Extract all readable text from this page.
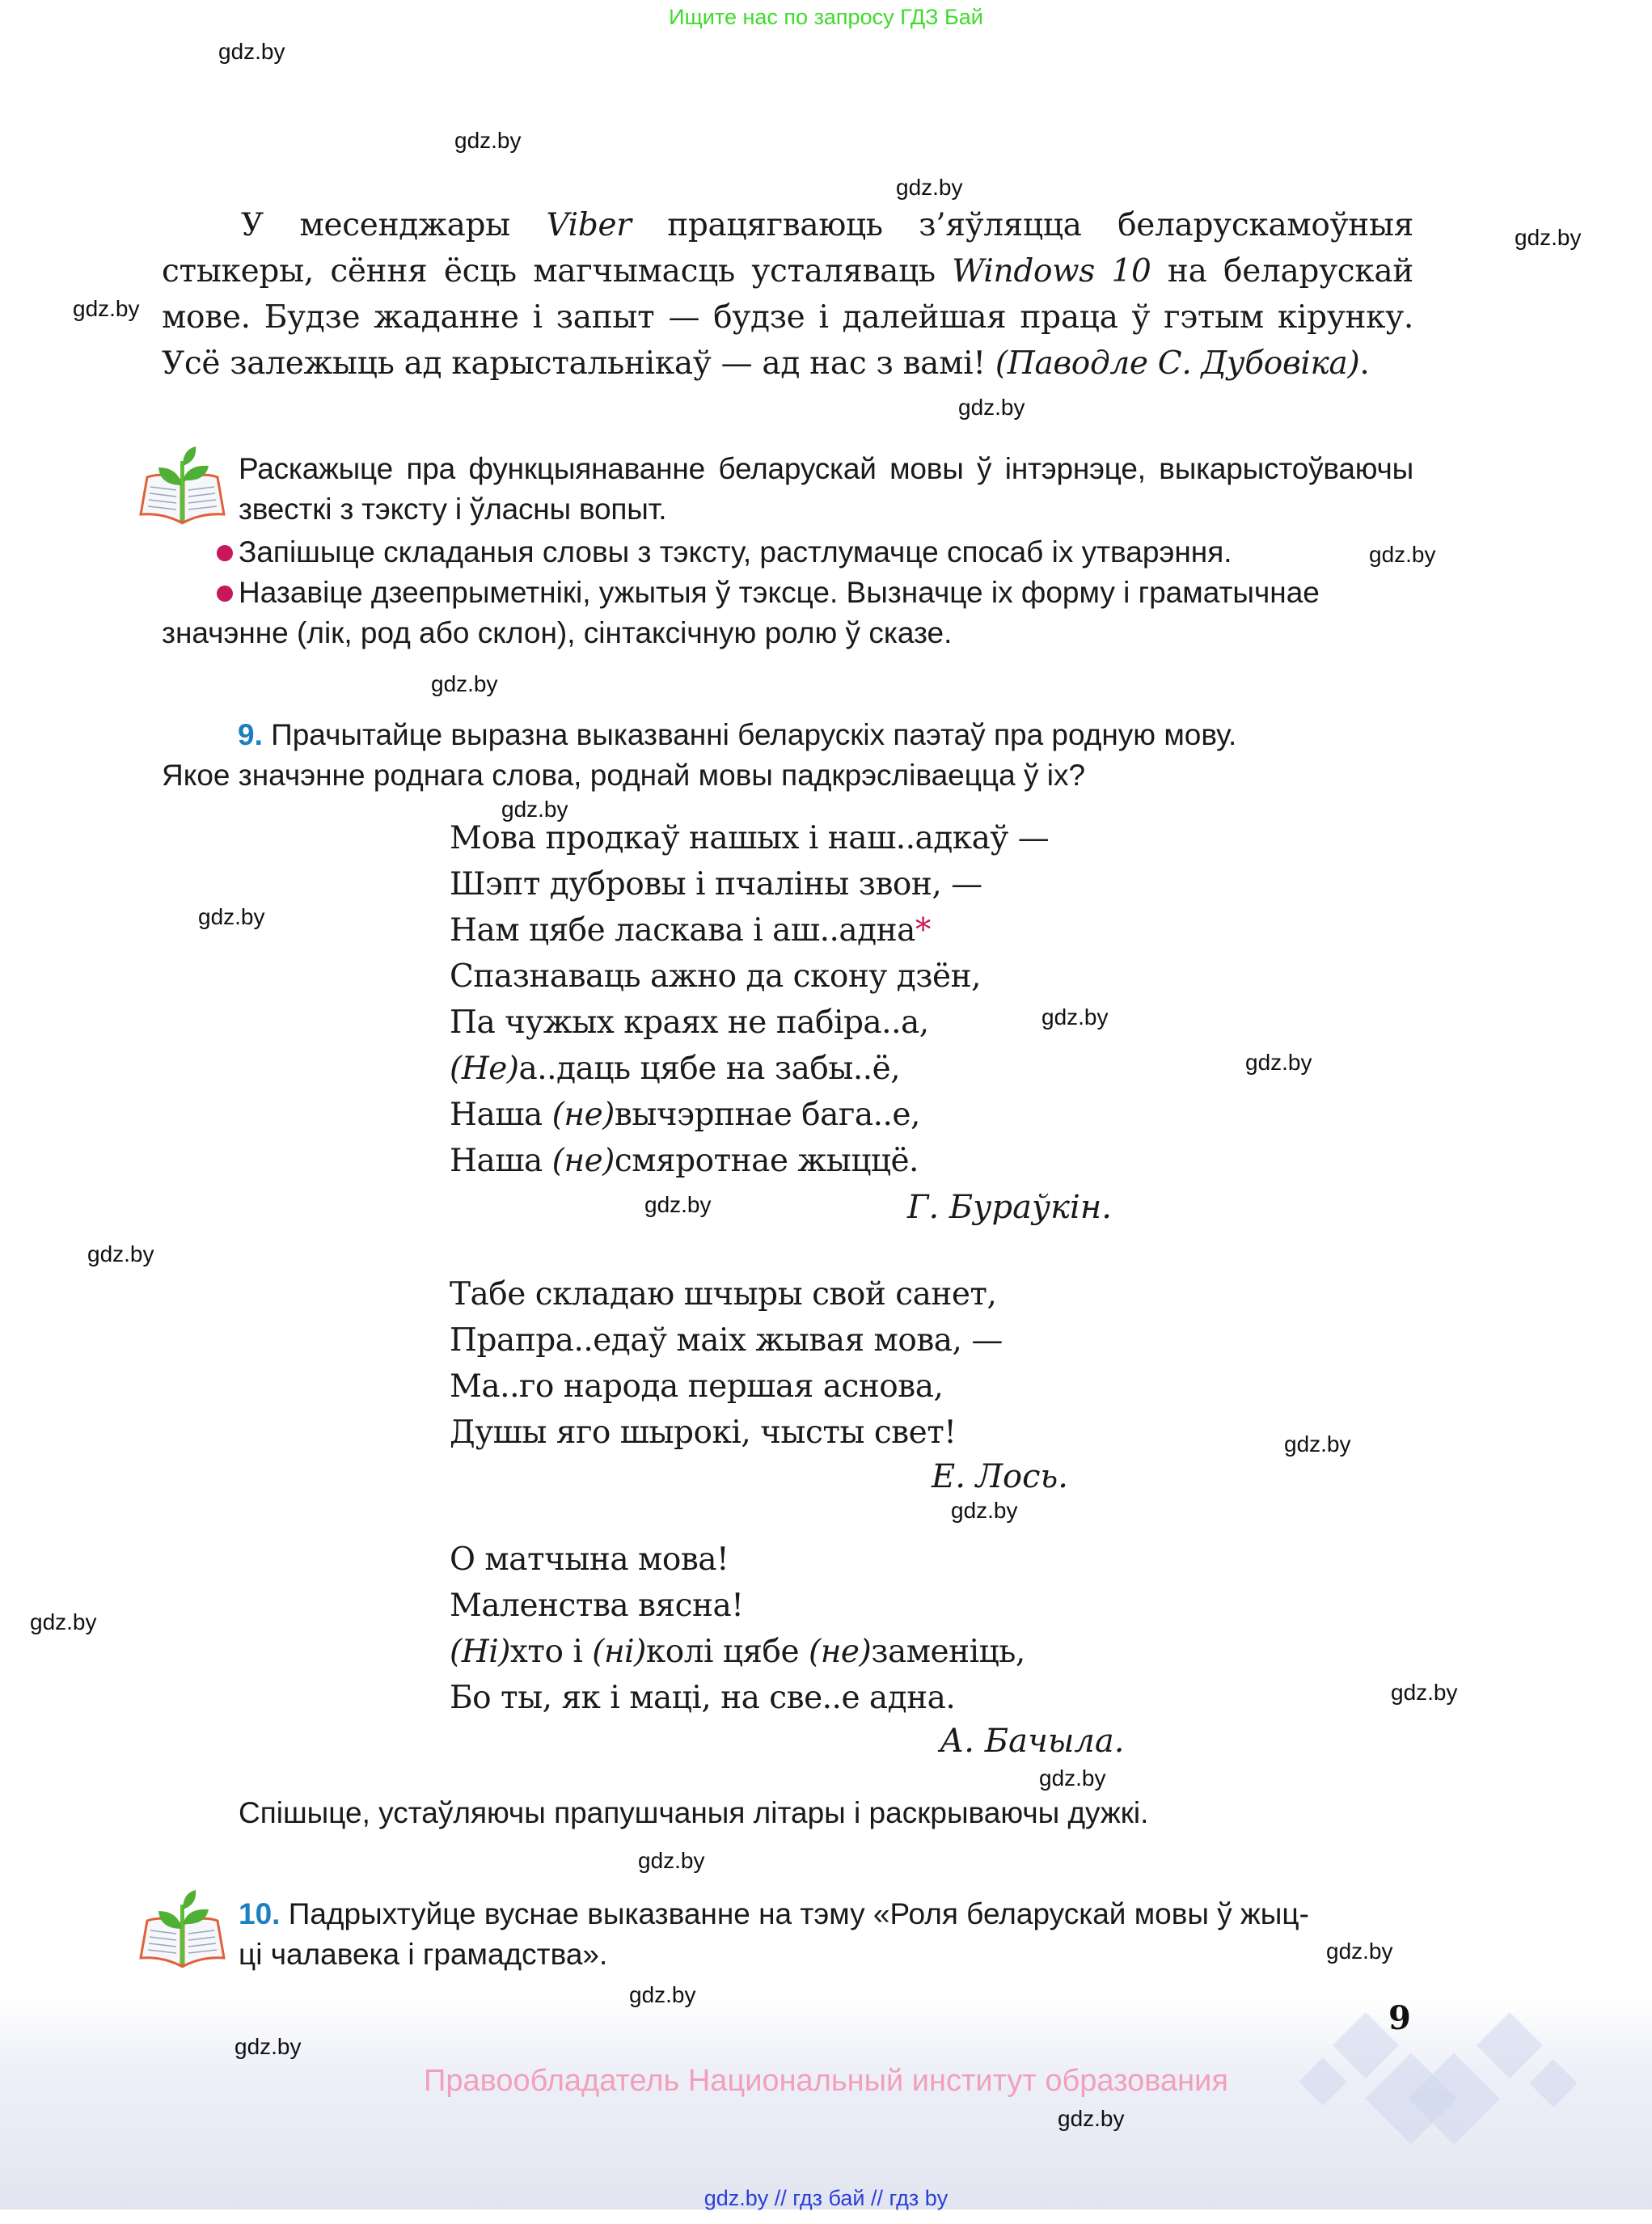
Ищите нас по запросу ГДЗ Бай
У месенджары Viber працягваюць з’яўляцца беларускамоўныя стыкеры, сёння ёсць магчымасць усталяваць Windows 10 на беларускай мове. Будзе жаданне і запыт — будзе і далейшая праца ў гэтым кірунку. Усё залежыць ад карыстальнікаў — ад нас з вамі! (Паводле С. Дубовіка).
Раскажыце пра функцыянаванне беларускай мовы ў інтэрнэце, выкарыстоўваючы звесткі з тэксту і ўласны вопыт.
Запішыце складаныя словы з тэксту, растлумачце спосаб іх утварэння.
Назавіце дзеепрыметнікі, ужытыя ў тэксце. Вызначце іх форму і граматычнае
значэнне (лік, род або склон), сінтаксічную ролю ў сказе.
9. Прачытайце выразна выказванні беларускіх паэтаў пра родную мову.
Якое значэнне роднага слова, роднай мовы падкрэсліваецца ў іх?
Мова продкаў нашых і наш..адкаў —
Шэпт дубровы і пчаліны звон, —
Нам цябе ласкава і аш..адна*
Спазнаваць ажно да скону дзён,
Па чужых краях не пабіра..а,
(Не)а..даць цябе на забы..ё,
Наша (не)вычэрпнае бага..е,
Наша (не)смяротнае жыццё.
Г. Бураўкін.
Табе складаю шчыры свой санет,
Прапра..едаў маіх жывая мова, —
Ма..го народа першая аснова,
Душы яго шырокі, чысты свет!
Е. Лось.
О матчына мова!
Маленства вясна!
(Ні)хто і (ні)колі цябе (не)заменіць,
Бо ты, як і маці, на све..е адна.
А. Бачыла.
Спішыце, устаўляючы прапушчаныя літары і раскрываючы дужкі.
10. Падрыхтуйце вуснае выказванне на тэму «Роля беларускай мовы ў жыц-
ці чалавека і грамадства».
9
Правообладатель Национальный институт образования
gdz.by // гдз бай // гдз by
gdz.by
gdz.by
gdz.by
gdz.by
gdz.by
gdz.by
gdz.by
gdz.by
gdz.by
gdz.by
gdz.by
gdz.by
gdz.by
gdz.by
gdz.by
gdz.by
gdz.by
gdz.by
gdz.by
gdz.by
gdz.by
gdz.by
gdz.by
gdz.by
